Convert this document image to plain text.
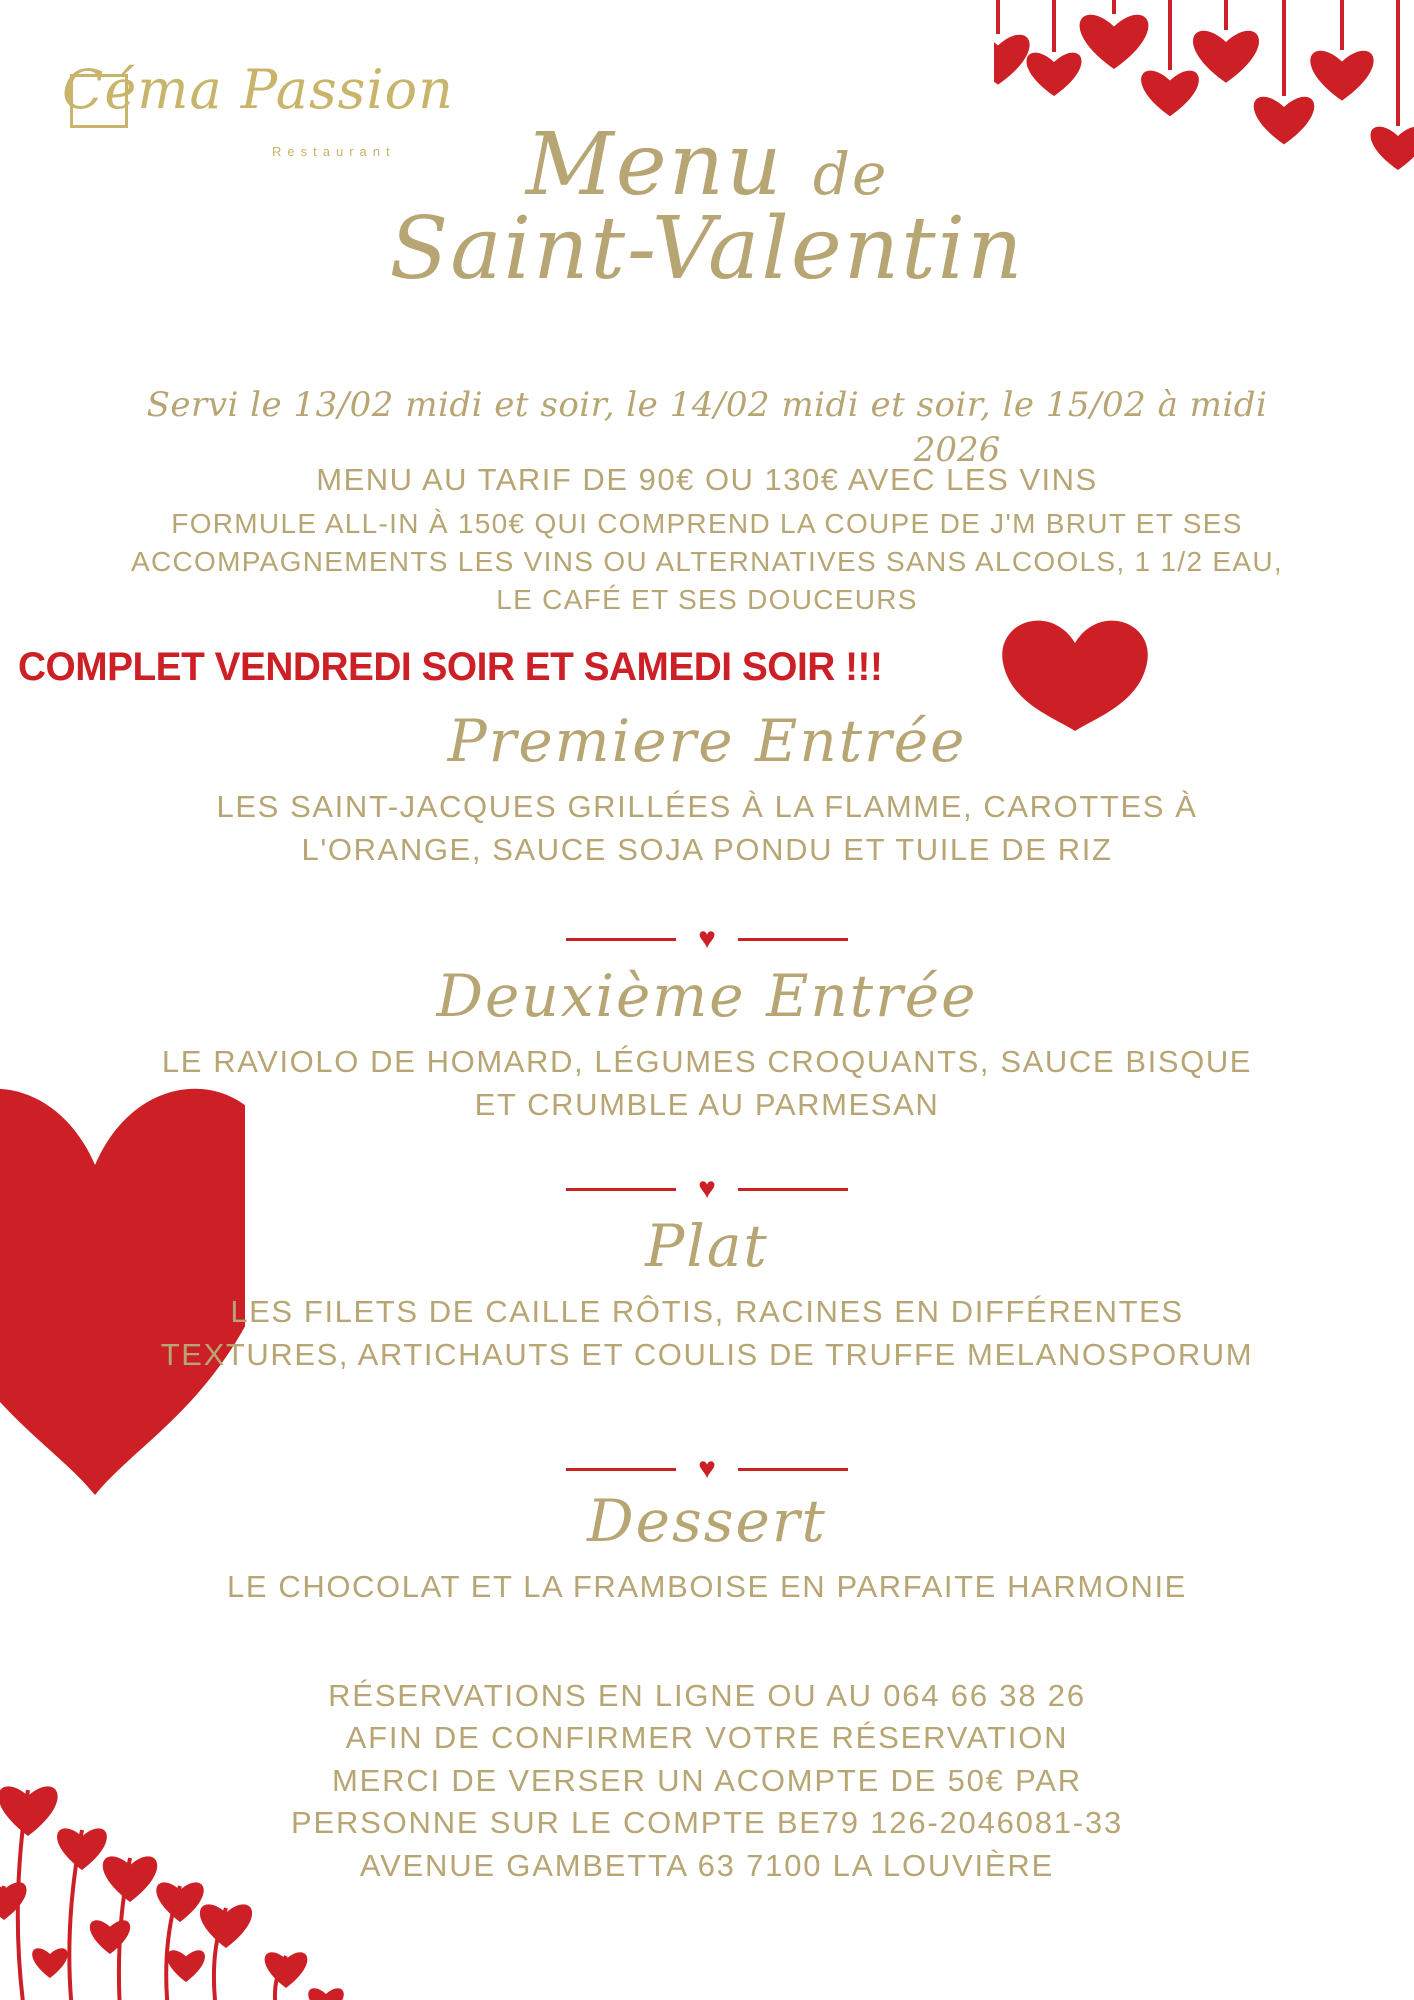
Céma Passion
Restaurant	Menu de
Saint-Valentin
Servi le 13/02 midi et soir, le 14/02 midi et soir, le 15/02 à midi
2026
MENU AU TARIF DE 90€ OU 130€ AVEC LES VINS
FORMULE ALL-IN À 150€ QUI COMPREND LA COUPE DE J'M BRUT ET SES
ACCOMPAGNEMENTS LES VINS OU ALTERNATIVES SANS ALCOOLS, 1 1/2 EAU,
LE CAFÉ ET SES DOUCEURS
COMPLET VENDREDI SOIR ET SAMEDI SOIR !!!
Premiere Entrée
LES SAINT-JACQUES GRILLÉES À LA FLAMME, CAROTTES À L'ORANGE, SAUCE SOJA PONDU ET TUILE DE RIZ
♥
Deuxième Entrée
LE RAVIOLO DE HOMARD, LÉGUMES CROQUANTS, SAUCE BISQUE ET CRUMBLE AU PARMESAN
♥
Plat
LES FILETS DE CAILLE RÔTIS, RACINES EN DIFFÉRENTES TEXTURES, ARTICHAUTS ET COULIS DE TRUFFE MELANOSPORUM
♥
Dessert
LE CHOCOLAT ET LA FRAMBOISE EN PARFAITE HARMONIE
RÉSERVATIONS EN LIGNE OU AU 064 66 38 26
AFIN DE CONFIRMER VOTRE RÉSERVATION
MERCI DE VERSER UN ACOMPTE DE 50€ PAR
PERSONNE SUR LE COMPTE BE79 126-2046081-33
AVENUE GAMBETTA 63 7100 LA LOUVIÈRE
